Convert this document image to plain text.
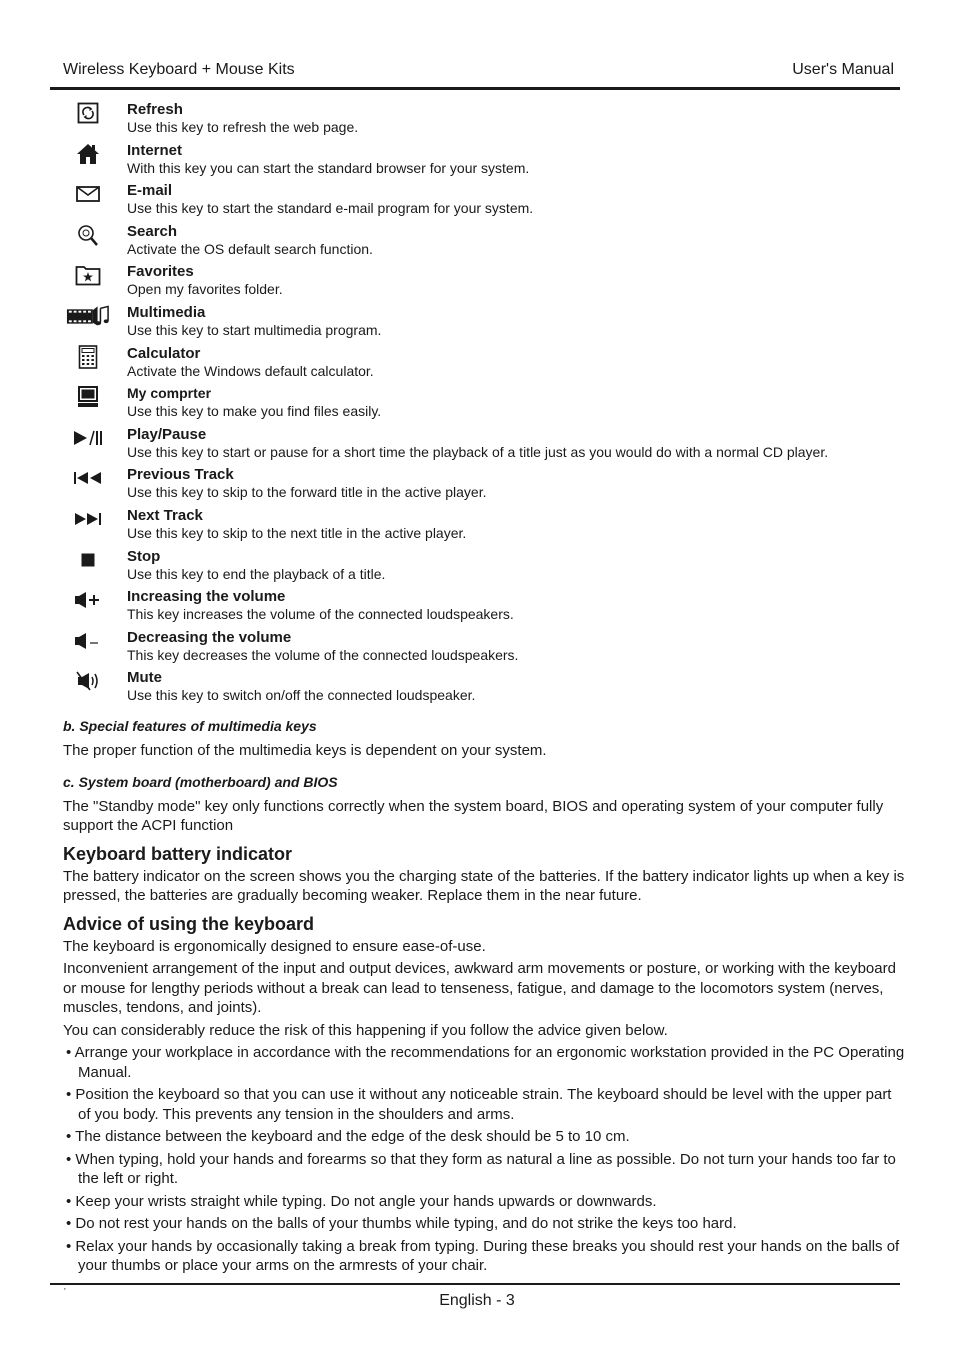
Wireless Keyboard + Mouse Kits	User's Manual
Refresh
Use this key to refresh the web page.
Internet
With this key you can start the standard browser for your system.
E-mail
Use this key to start the standard e-mail program for your system.
Search
Activate the OS default search function.
Favorites
Open my favorites folder.
Multimedia
Use this key to start multimedia program.
Calculator
Activate the Windows default calculator.
My comprter
Use this key to make you find files easily.
Play/Pause
Use this key to start or pause for a short time the playback of a title just as you would do with a normal CD player.
Previous Track
Use this key to skip to the forward title in the active player.
Next Track
Use this key to skip to the next title in the active player.
Stop
Use this key to end the playback of a title.
Increasing the volume
This key increases the volume of the connected loudspeakers.
Decreasing the volume
This key decreases the volume of the connected loudspeakers.
Mute
Use this key to switch on/off the connected loudspeaker.

b. Special features of multimedia keys

The proper function of the multimedia keys is dependent on your system.

c. System board (motherboard) and BIOS

The "Standby mode" key only functions correctly when the system board, BIOS and operating system of your computer fully support the ACPI function

Keyboard battery indicator

The battery indicator on the screen shows you the charging state of the batteries. If the battery indicator lights up when a key is pressed, the batteries are gradually becoming weaker. Replace them in the near future.

Advice of using the keyboard

The keyboard is ergonomically designed to ensure ease-of-use.

Inconvenient arrangement of the input and output devices, awkward arm movements or posture, or working with the keyboard or mouse for lengthy periods without a break can lead to tenseness, fatigue, and damage to the locomotors system (nerves, muscles, tendons, and joints).

You can considerably reduce the risk of this happening if you follow the advice given below.

• Arrange your workplace in accordance with the recommendations for an ergonomic workstation provided in the PC Operating Manual.

• Position the keyboard so that you can use it without any noticeable strain. The keyboard should be level with the upper part of you body. This prevents any tension in the shoulders and arms.

• The distance between the keyboard and the edge of the desk should be 5 to 10 cm.

• When typing, hold your hands and forearms so that they form as natural a line as possible. Do not turn your hands too far to the left or right.

• Keep your wrists straight while typing. Do not angle your hands upwards or downwards.

• Do not rest your hands on the balls of your thumbs while typing, and do not strike the keys too hard.

• Relax your hands by occasionally taking a break from typing. During these breaks you should rest your hands on the balls of your thumbs or place your arms on the armrests of your chair.

·
English - 3
